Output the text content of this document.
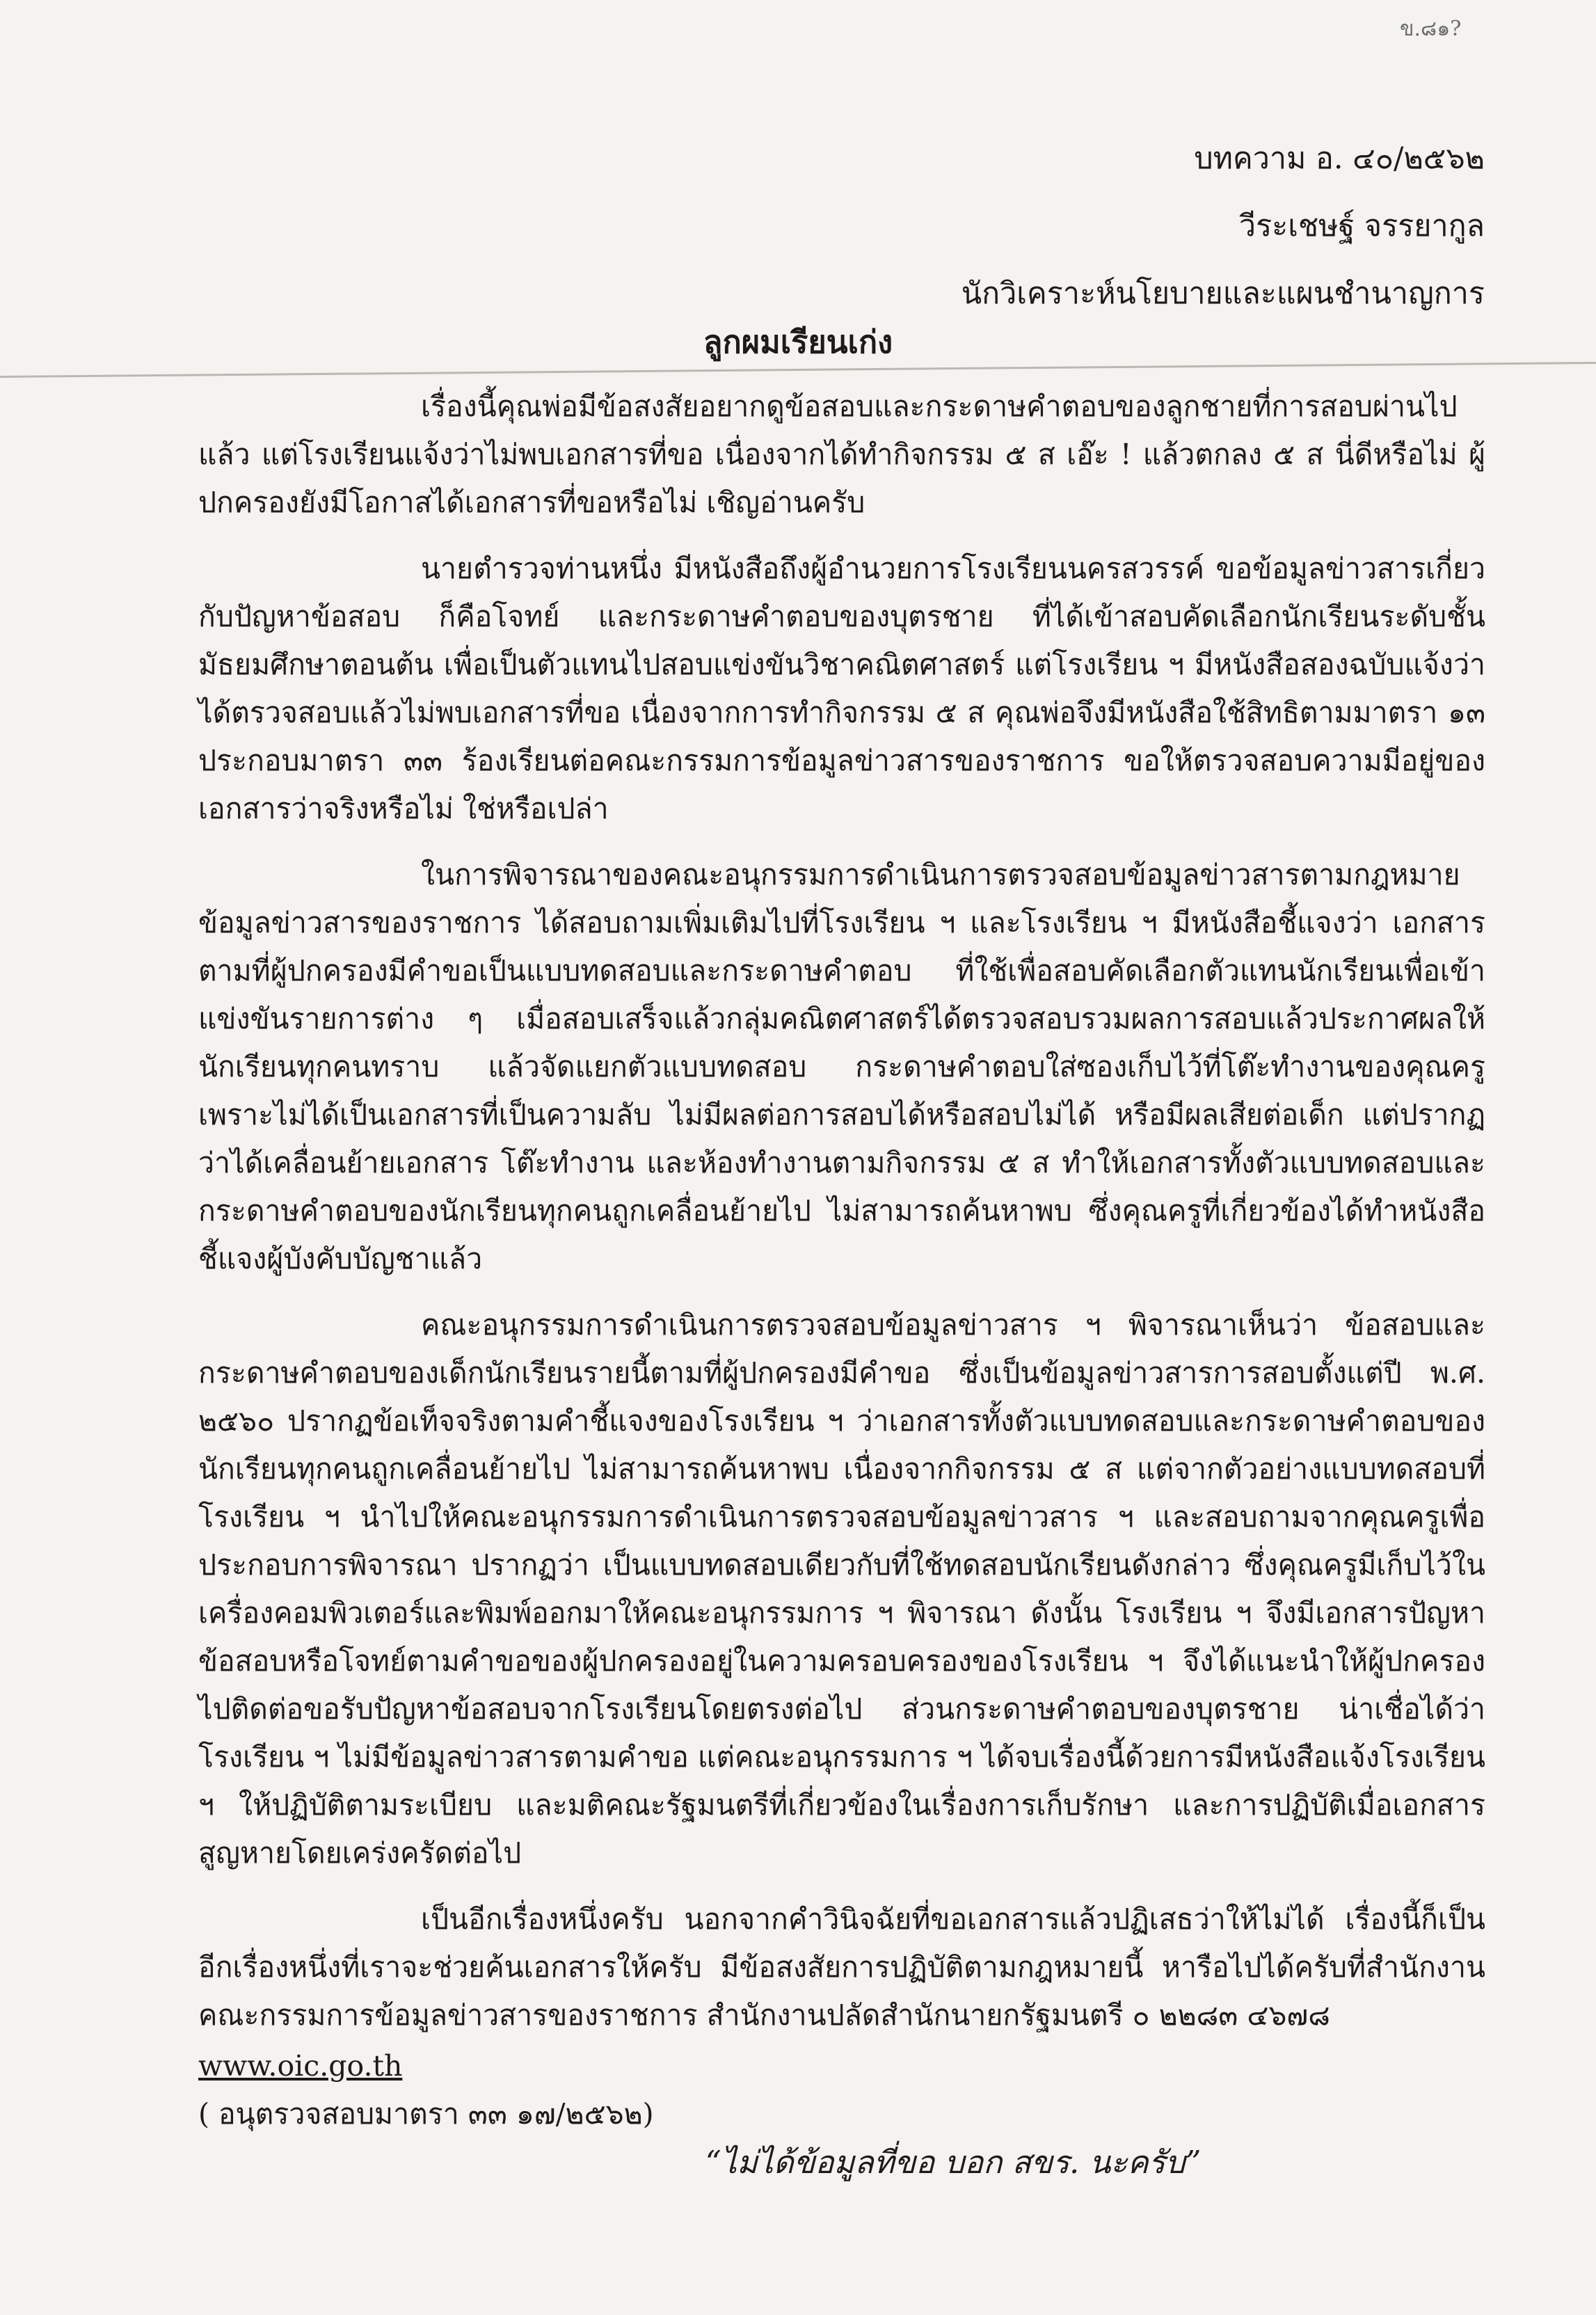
⠀
ข.๘๑?
บทความ อ. ๔๐/๒๕๖๒
วีระเชษฐ์ จรรยากูล
นักวิเคราะห์นโยบายและแผนชำนาญการ
ลูกผมเรียนเก่ง

เรื่องนี้คุณพ่อมีข้อสงสัยอยากดูข้อสอบและกระดาษคำตอบของลูกชายที่การสอบผ่านไปแล้ว แต่โรงเรียนแจ้งว่าไม่พบเอกสารที่ขอ เนื่องจากได้ทำกิจกรรม ๕ ส เอ๊ะ ! แล้วตกลง ๕ ส นี่ดีหรือไม่ ผู้ปกครองยังมีโอกาสได้เอกสารที่ขอหรือไม่ เชิญอ่านครับ

นายตำรวจท่านหนึ่ง มีหนังสือถึงผู้อำนวยการโรงเรียนนครสวรรค์ ขอข้อมูลข่าวสารเกี่ยวกับปัญหาข้อสอบ ก็คือโจทย์ และกระดาษคำตอบของบุตรชาย ที่ได้เข้าสอบคัดเลือกนักเรียนระดับชั้นมัธยมศึกษาตอนต้น เพื่อเป็นตัวแทนไปสอบแข่งขันวิชาคณิตศาสตร์ แต่โรงเรียน ฯ มีหนังสือสองฉบับแจ้งว่าได้ตรวจสอบแล้วไม่พบเอกสารที่ขอ เนื่องจากการทำกิจกรรม ๕ ส คุณพ่อจึงมีหนังสือใช้สิทธิตามมาตรา ๑๓ ประกอบมาตรา ๓๓ ร้องเรียนต่อคณะกรรมการข้อมูลข่าวสารของราชการ ขอให้ตรวจสอบความมีอยู่ของเอกสารว่าจริงหรือไม่ ใช่หรือเปล่า

ในการพิจารณาของคณะอนุกรรมการดำเนินการตรวจสอบข้อมูลข่าวสารตามกฎหมายข้อมูลข่าวสารของราชการ ได้สอบถามเพิ่มเติมไปที่โรงเรียน ฯ และโรงเรียน ฯ มีหนังสือชี้แจงว่า เอกสารตามที่ผู้ปกครองมีคำขอเป็นแบบทดสอบและกระดาษคำตอบ ที่ใช้เพื่อสอบคัดเลือกตัวแทนนักเรียนเพื่อเข้าแข่งขันรายการต่าง ๆ เมื่อสอบเสร็จแล้วกลุ่มคณิตศาสตร์ได้ตรวจสอบรวมผลการสอบแล้วประกาศผลให้นักเรียนทุกคนทราบ แล้วจัดแยกตัวแบบทดสอบ กระดาษคำตอบใส่ซองเก็บไว้ที่โต๊ะทำงานของคุณครู เพราะไม่ได้เป็นเอกสารที่เป็นความลับ ไม่มีผลต่อการสอบได้หรือสอบไม่ได้ หรือมีผลเสียต่อเด็ก แต่ปรากฏว่าได้เคลื่อนย้ายเอกสาร โต๊ะทำงาน และห้องทำงานตามกิจกรรม ๕ ส ทำให้เอกสารทั้งตัวแบบทดสอบและกระดาษคำตอบของนักเรียนทุกคนถูกเคลื่อนย้ายไป ไม่สามารถค้นหาพบ ซึ่งคุณครูที่เกี่ยวข้องได้ทำหนังสือชี้แจงผู้บังคับบัญชาแล้ว

คณะอนุกรรมการดำเนินการตรวจสอบข้อมูลข่าวสาร ฯ พิจารณาเห็นว่า ข้อสอบและกระดาษคำตอบของเด็กนักเรียนรายนี้ตามที่ผู้ปกครองมีคำขอ ซึ่งเป็นข้อมูลข่าวสารการสอบตั้งแต่ปี พ.ศ. ๒๕๖๐ ปรากฏข้อเท็จจริงตามคำชี้แจงของโรงเรียน ฯ ว่าเอกสารทั้งตัวแบบทดสอบและกระดาษคำตอบของนักเรียนทุกคนถูกเคลื่อนย้ายไป ไม่สามารถค้นหาพบ เนื่องจากกิจกรรม ๕ ส แต่จากตัวอย่างแบบทดสอบที่โรงเรียน ฯ นำไปให้คณะอนุกรรมการดำเนินการตรวจสอบข้อมูลข่าวสาร ฯ และสอบถามจากคุณครูเพื่อประกอบการพิจารณา ปรากฏว่า เป็นแบบทดสอบเดียวกับที่ใช้ทดสอบนักเรียนดังกล่าว ซึ่งคุณครูมีเก็บไว้ในเครื่องคอมพิวเตอร์และพิมพ์ออกมาให้คณะอนุกรรมการ ฯ พิจารณา ดังนั้น โรงเรียน ฯ จึงมีเอกสารปัญหาข้อสอบหรือโจทย์ตามคำขอของผู้ปกครองอยู่ในความครอบครองของโรงเรียน ฯ จึงได้แนะนำให้ผู้ปกครองไปติดต่อขอรับปัญหาข้อสอบจากโรงเรียนโดยตรงต่อไป ส่วนกระดาษคำตอบของบุตรชาย น่าเชื่อได้ว่าโรงเรียน ฯ ไม่มีข้อมูลข่าวสารตามคำขอ แต่คณะอนุกรรมการ ฯ ได้จบเรื่องนี้ด้วยการมีหนังสือแจ้งโรงเรียน ฯ ให้ปฏิบัติตามระเบียบ และมติคณะรัฐมนตรีที่เกี่ยวข้องในเรื่องการเก็บรักษา และการปฏิบัติเมื่อเอกสารสูญหายโดยเคร่งครัดต่อไป

เป็นอีกเรื่องหนึ่งครับ นอกจากคำวินิจฉัยที่ขอเอกสารแล้วปฏิเสธว่าให้ไม่ได้ เรื่องนี้ก็เป็นอีกเรื่องหนึ่งที่เราจะช่วยค้นเอกสารให้ครับ มีข้อสงสัยการปฏิบัติตามกฎหมายนี้ หารือไปได้ครับที่สำนักงานคณะกรรมการข้อมูลข่าวสารของราชการ สำนักงานปลัดสำนักนายกรัฐมนตรี ๐ ๒๒๘๓ ๔๖๗๘

www.oic.go.th

( อนุตรวจสอบมาตรา ๓๓ ๑๗/๒๕๖๒)

“ไม่ได้ข้อมูลที่ขอ บอก สขร. นะครับ”
